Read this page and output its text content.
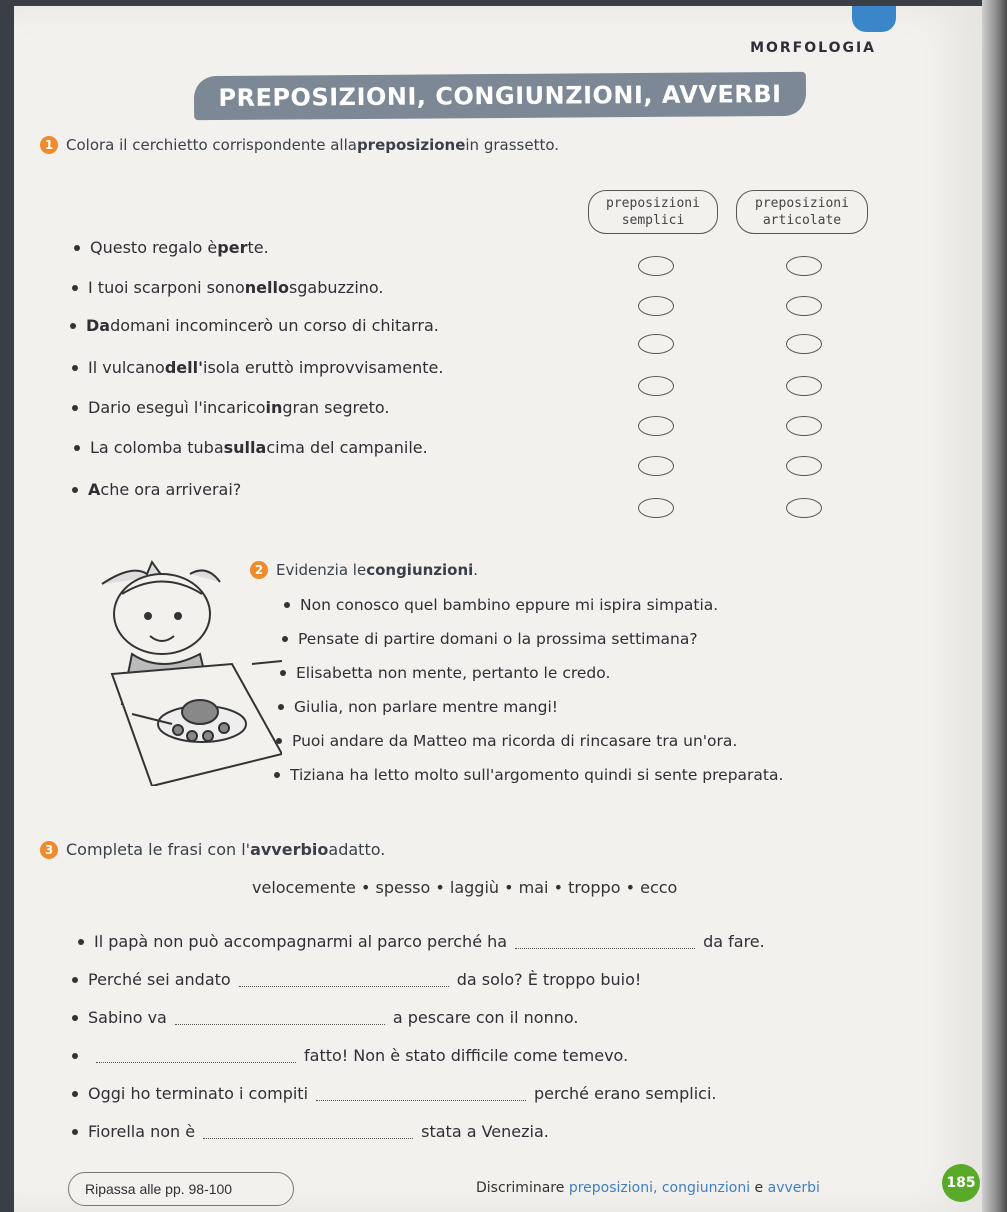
MORFOLOGIA
PREPOSIZIONI, CONGIUNZIONI, AVVERBI
1 Colora il cerchietto corrispondente alla preposizione in grassetto.
preposizioni semplici
preposizioni articolate
Questo regalo è per te.
I tuoi scarponi sono nello sgabuzzino.
Da domani incomincerò un corso di chitarra.
Il vulcano dell' isola eruttò improvvisamente.
Dario eseguì l'incarico in gran segreto.
La colomba tuba sulla cima del campanile.
A che ora arriverai?
2 Evidenzia le congiunzioni .
Non conosco quel bambino eppure mi ispira simpatia.
Pensate di partire domani o la prossima settimana?
Elisabetta non mente, pertanto le credo.
Giulia, non parlare mentre mangi!
Puoi andare da Matteo ma ricorda di rincasare tra un'ora.
Tiziana ha letto molto sull'argomento quindi si sente preparata.
3 Completa le frasi con l' avverbio adatto.
velocemente • spesso • laggiù • mai • troppo • ecco
Il papà non può accompagnarmi al parco perché ha	da fare.
Perché sei andato	da solo? È troppo buio!
Sabino va	a pescare con il nonno.
fatto! Non è stato difficile come temevo.
Oggi ho terminato i compiti	perché erano semplici.
Fiorella non è	stata a Venezia.
Ripassa alle pp. 98-100	Discriminare preposizioni, congiunzioni e avverbi	185
